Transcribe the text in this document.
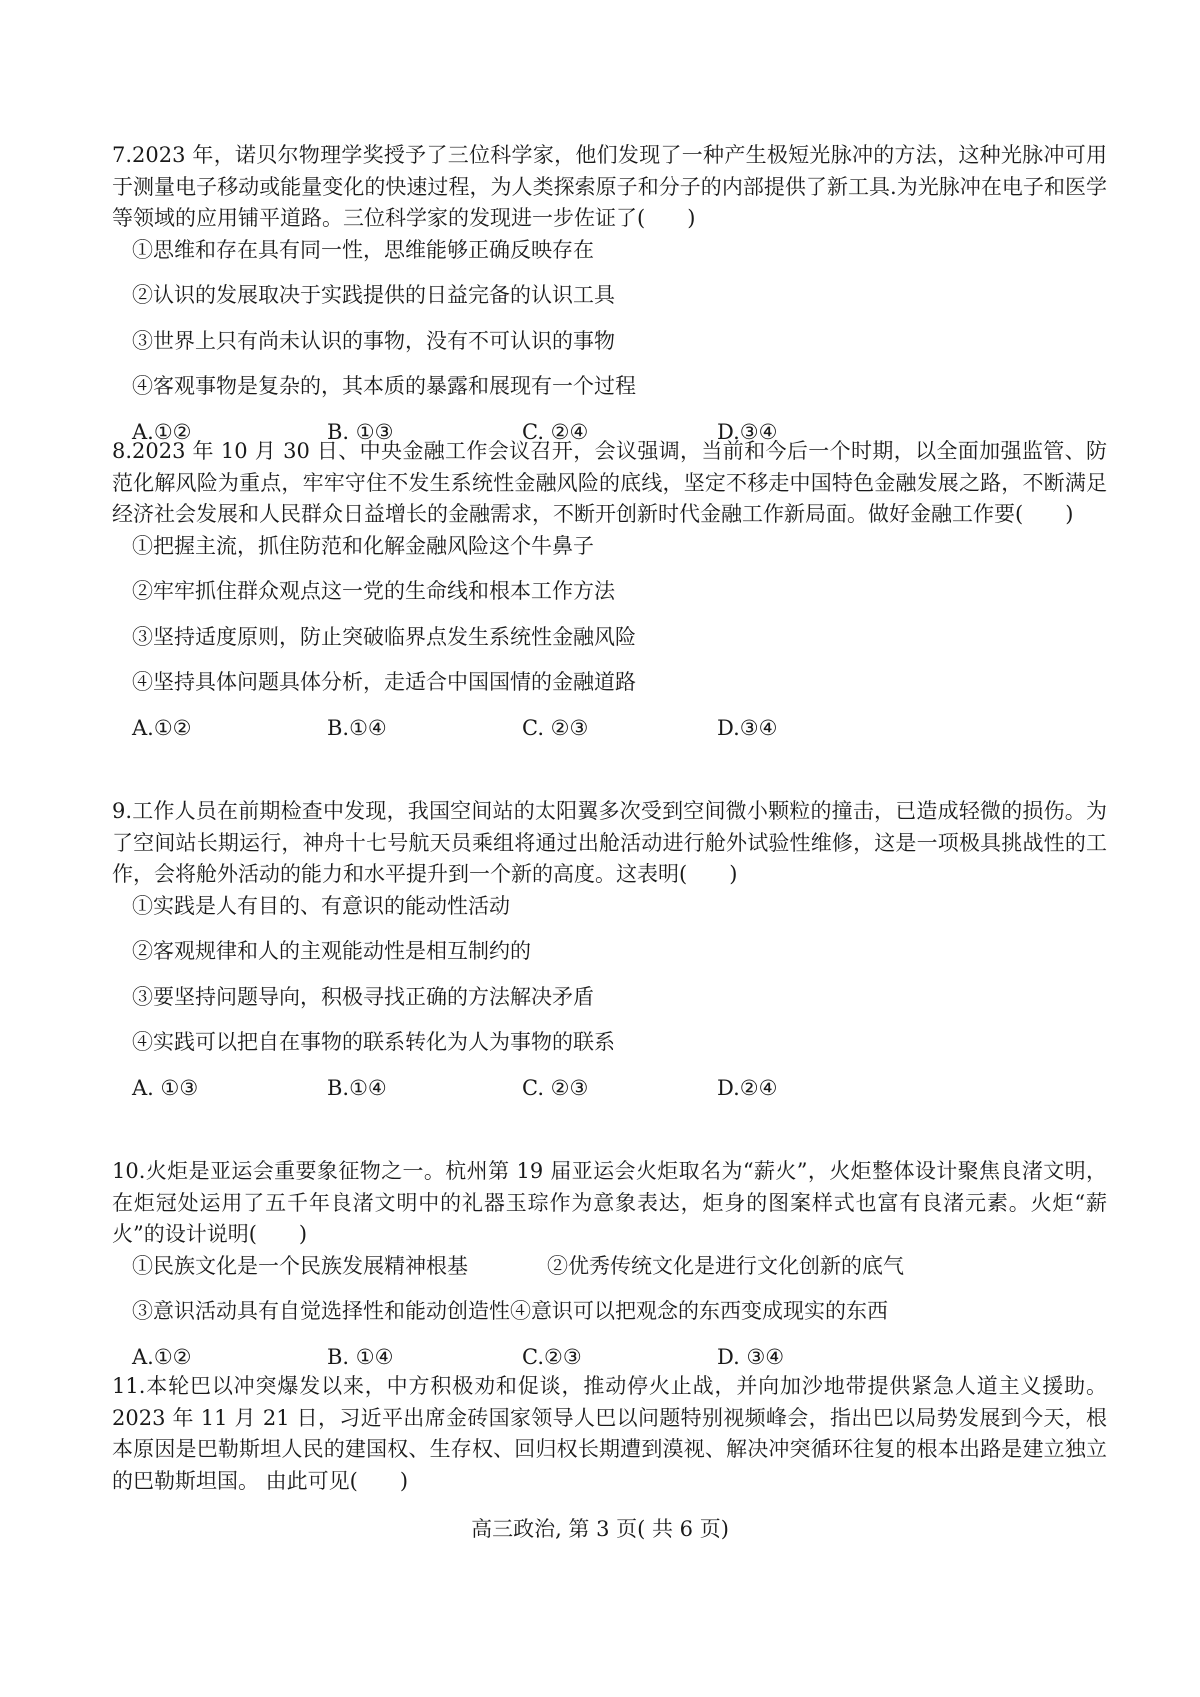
7.2023 年，诺贝尔物理学奖授予了三位科学家，他们发现了一种产生极短光脉冲的方法，这种光脉冲可用于测量电子移动或能量变化的快速过程，为人类探索原子和分子的内部提供了新工具.为光脉冲在电子和医学等领域的应用铺平道路。三位科学家的发现进一步佐证了(　　)

①思维和存在具有同一性，思维能够正确反映存在

②认识的发展取决于实践提供的日益完备的认识工具

③世界上只有尚未认识的事物，没有不可认识的事物

④客观事物是复杂的，其本质的暴露和展现有一个过程

A.①②	B. ①③	C. ②④	D.③④

8.2023 年 10 月 30 日、中央金融工作会议召开，会议强调，当前和今后一个时期，以全面加强监管、防范化解风险为重点，牢牢守住不发生系统性金融风险的底线，坚定不移走中国特色金融发展之路，不断满足经济社会发展和人民群众日益增长的金融需求，不断开创新时代金融工作新局面。做好金融工作要(　　)

①把握主流，抓住防范和化解金融风险这个牛鼻子

②牢牢抓住群众观点这一党的生命线和根本工作方法

③坚持适度原则，防止突破临界点发生系统性金融风险

④坚持具体问题具体分析，走适合中国国情的金融道路

A.①②	B.①④	C. ②③	D.③④

9.工作人员在前期检查中发现，我国空间站的太阳翼多次受到空间微小颗粒的撞击，已造成轻微的损伤。为了空间站长期运行，神舟十七号航天员乘组将通过出舱活动进行舱外试验性维修，这是一项极具挑战性的工作，会将舱外活动的能力和水平提升到一个新的高度。这表明(　　)

①实践是人有目的、有意识的能动性活动

②客观规律和人的主观能动性是相互制约的

③要坚持问题导向，积极寻找正确的方法解决矛盾

④实践可以把自在事物的联系转化为人为事物的联系

A. ①③	B.①④	C. ②③	D.②④

10.火炬是亚运会重要象征物之一。杭州第 19 届亚运会火炬取名为“薪火”，火炬整体设计聚焦良渚文明，在炬冠处运用了五千年良渚文明中的礼器玉琮作为意象表达，炬身的图案样式也富有良渚元素。火炬“薪火”的设计说明(　　)

①民族文化是一个民族发展精神根基	②优秀传统文化是进行文化创新的底气
③意识活动具有自觉选择性和能动创造性 ④意识可以把观念的东西变成现实的东西
A.①②	B. ①④	C.②③	D. ③④

11.本轮巴以冲突爆发以来，中方积极劝和促谈，推动停火止战，并向加沙地带提供紧急人道主义援助。2023 年 11 月 21 日，习近平出席金砖国家领导人巴以问题特别视频峰会，指出巴以局势发展到今天，根本原因是巴勒斯坦人民的建国权、生存权、回归权长期遭到漠视、解决冲突循环往复的根本出路是建立独立的巴勒斯坦国。 由此可见(　　)

高三政治, 第 3 页( 共 6 页)
